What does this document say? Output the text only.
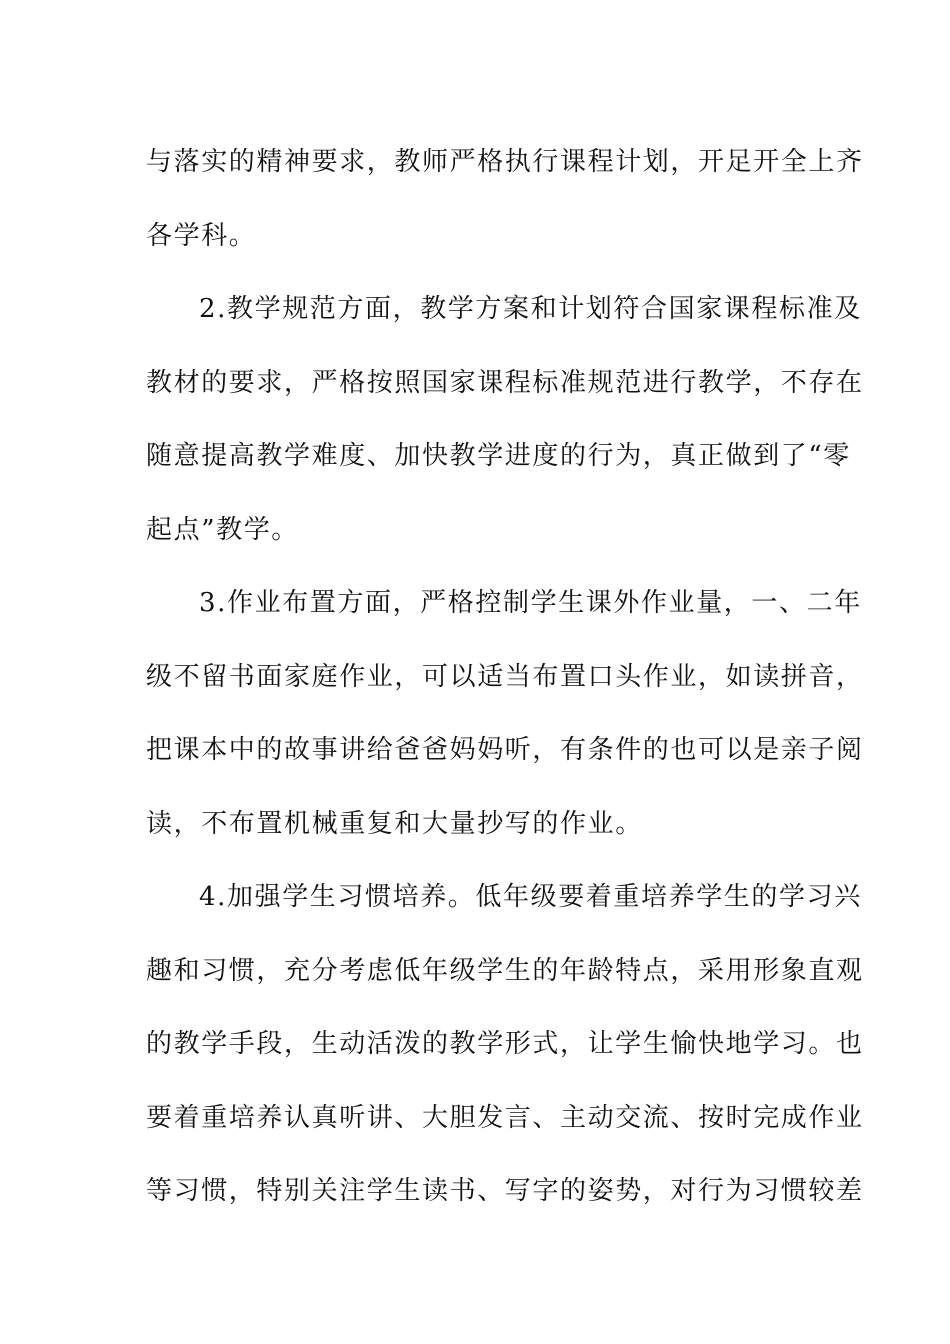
与落实的精神要求，教师严格执行课程计划，开足开全上齐
各学科。
2.教学规范方面，教学方案和计划符合国家课程标准及
教材的要求，严格按照国家课程标准规范进行教学，不存在
随意提高教学难度、加快教学进度的行为，真正做到了“零
起点”教学。
3.作业布置方面，严格控制学生课外作业量，一、二年
级不留书面家庭作业，可以适当布置口头作业，如读拼音，
把课本中的故事讲给爸爸妈妈听，有条件的也可以是亲子阅
读，不布置机械重复和大量抄写的作业。
4.加强学生习惯培养。低年级要着重培养学生的学习兴
趣和习惯，充分考虑低年级学生的年龄特点，采用形象直观
的教学手段，生动活泼的教学形式，让学生愉快地学习。也
要着重培养认真听讲、大胆发言、主动交流、按时完成作业
等习惯，特别关注学生读书、写字的姿势，对行为习惯较差
